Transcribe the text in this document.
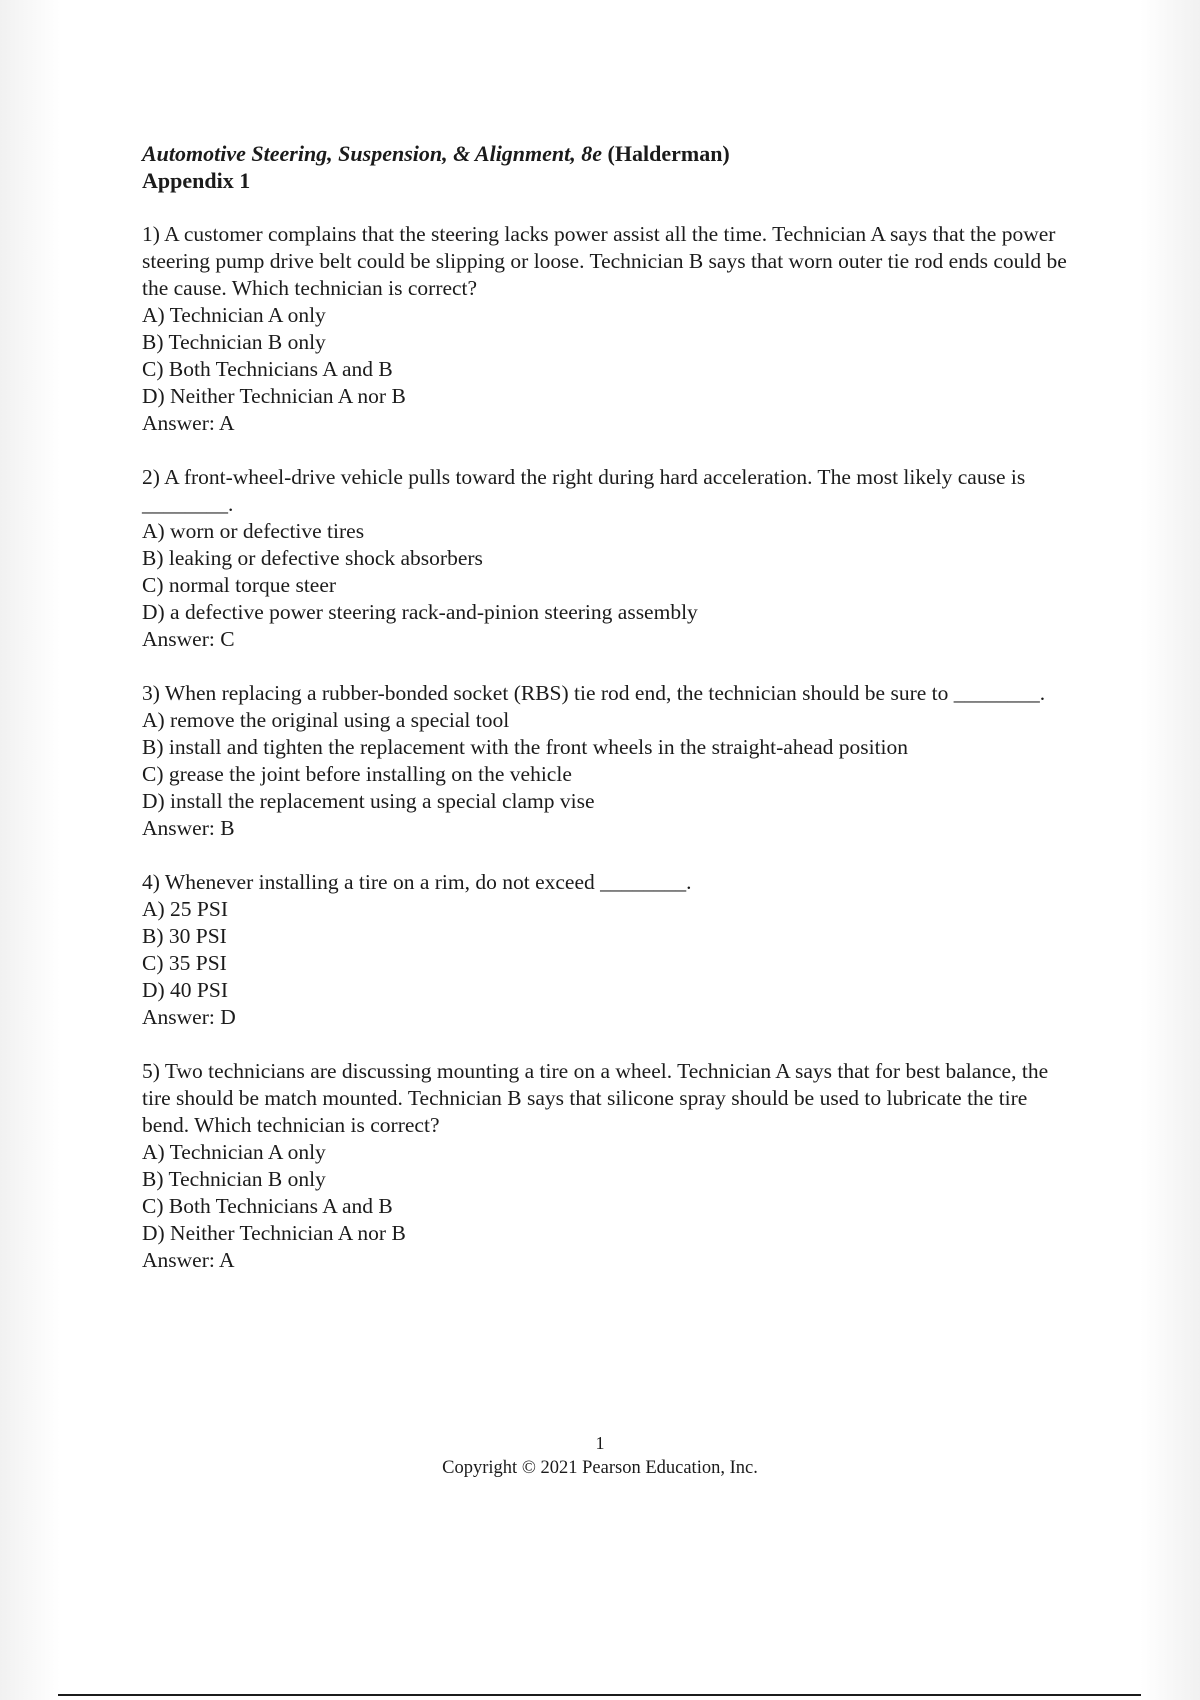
Automotive Steering, Suspension, & Alignment, 8e (Halderman)
Appendix 1
1) A customer complains that the steering lacks power assist all the time. Technician A says that the power steering pump drive belt could be slipping or loose. Technician B says that worn outer tie rod ends could be the cause. Which technician is correct?
A) Technician A only
B) Technician B only
C) Both Technicians A and B
D) Neither Technician A nor B
Answer: A
2) A front-wheel-drive vehicle pulls toward the right during hard acceleration. The most likely cause is ________.
A) worn or defective tires
B) leaking or defective shock absorbers
C) normal torque steer
D) a defective power steering rack-and-pinion steering assembly
Answer: C
3) When replacing a rubber-bonded socket (RBS) tie rod end, the technician should be sure to ________.
A) remove the original using a special tool
B) install and tighten the replacement with the front wheels in the straight-ahead position
C) grease the joint before installing on the vehicle
D) install the replacement using a special clamp vise
Answer: B
4) Whenever installing a tire on a rim, do not exceed ________.
A) 25 PSI
B) 30 PSI
C) 35 PSI
D) 40 PSI
Answer: D
5) Two technicians are discussing mounting a tire on a wheel. Technician A says that for best balance, the tire should be match mounted. Technician B says that silicone spray should be used to lubricate the tire bend. Which technician is correct?
A) Technician A only
B) Technician B only
C) Both Technicians A and B
D) Neither Technician A nor B
Answer: A
1
Copyright © 2021 Pearson Education, Inc.
